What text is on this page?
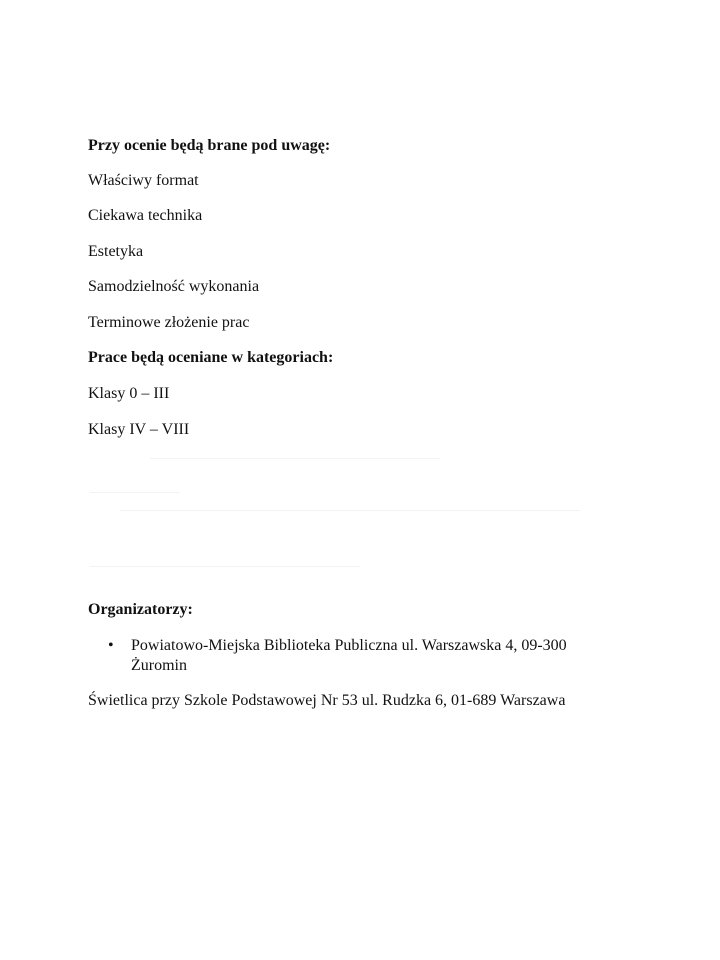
Przy ocenie będą brane pod uwagę:
Właściwy format
Ciekawa technika
Estetyka
Samodzielność wykonania
Terminowe złożenie prac
Prace będą oceniane w kategoriach:
Klasy 0 – III
Klasy IV – VIII
Organizatorzy:
• Powiatowo-Miejska Biblioteka Publiczna ul. Warszawska 4, 09-300 Żuromin
Świetlica przy Szkole Podstawowej Nr 53 ul. Rudzka 6, 01-689 Warszawa
